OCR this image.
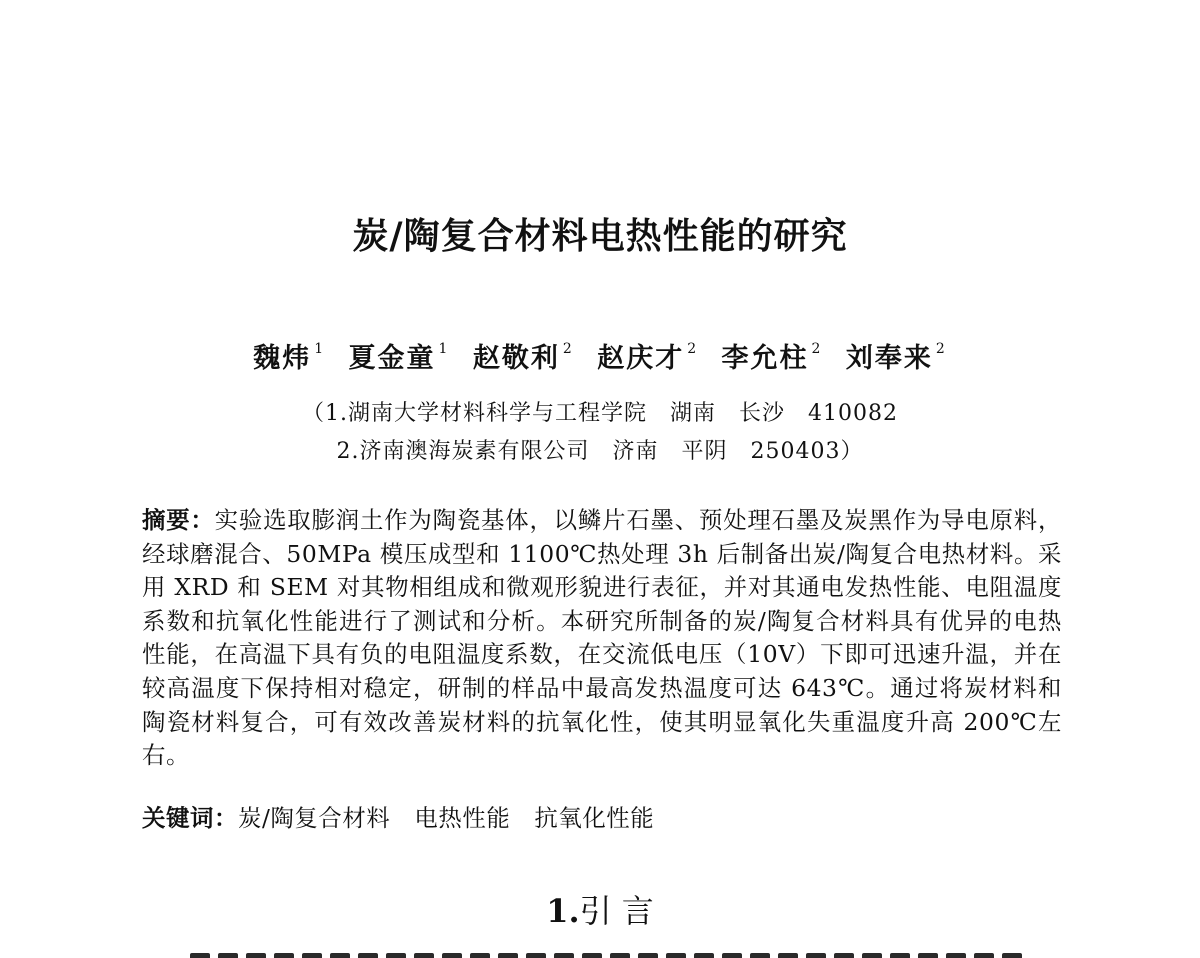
炭/陶复合材料电热性能的研究
魏炜 $^1$ 夏金童 $^1$ 赵敬利 $^2$ 赵庆才 $^2$ 李允柱 $^2$ 刘奉来 $^2$
（1.湖南大学材料科学与工程学院　湖南　长沙　410082
2.济南澳海炭素有限公司　济南　平阴　250403）
摘要：实验选取膨润土作为陶瓷基体，以鳞片石墨、预处理石墨及炭黑作为导电原料，经球磨混合、50MPa 模压成型和 1100℃热处理 3h 后制备出炭/陶复合电热材料。采用 XRD 和 SEM 对其物相组成和微观形貌进行表征，并对其通电发热性能、电阻温度系数和抗氧化性能进行了测试和分析。本研究所制备的炭/陶复合材料具有优异的电热性能，在高温下具有负的电阻温度系数，在交流低电压（10V）下即可迅速升温，并在较高温度下保持相对稳定，研制的样品中最高发热温度可达 643℃。通过将炭材料和陶瓷材料复合，可有效改善炭材料的抗氧化性，使其明显氧化失重温度升高 200℃左右。
关键词：炭/陶复合材料　电热性能　抗氧化性能
1.引 言
